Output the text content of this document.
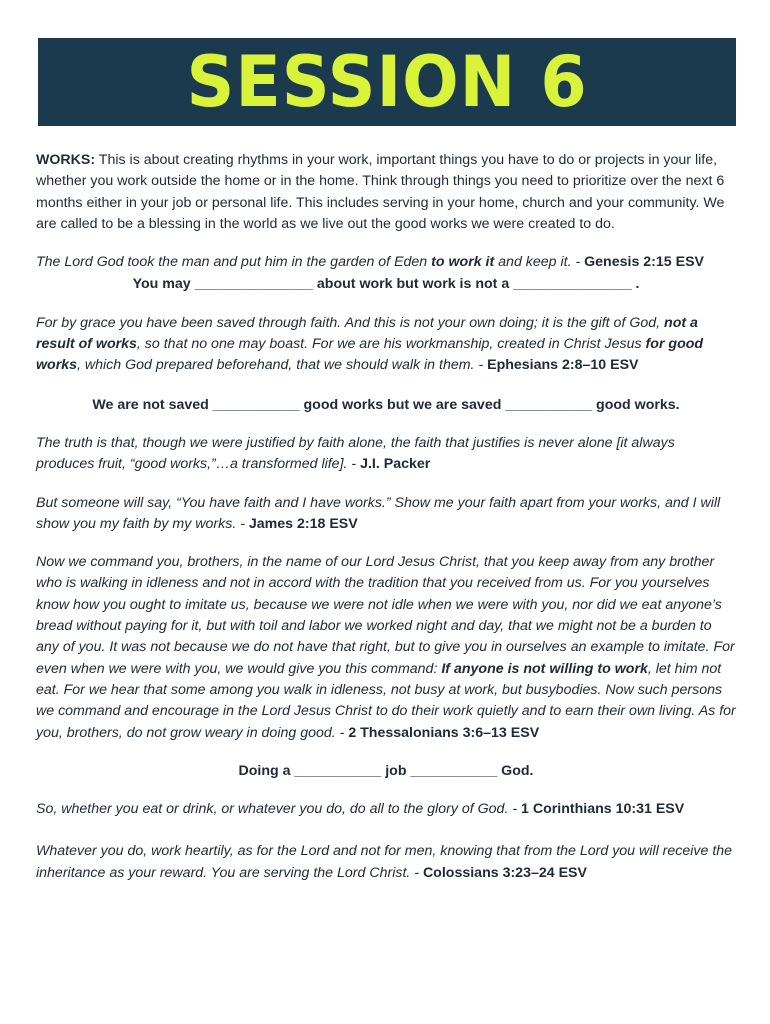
SESSION 6

WORKS: This is about creating rhythms in your work, important things you have to do or projects in your life, whether you work outside the home or in the home. Think through things you need to prioritize over the next 6 months either in your job or personal life. This includes serving in your home, church and your community. We are called to be a blessing in the world as we live out the good works we were created to do.

The Lord God took the man and put him in the garden of Eden to work it and keep it. - Genesis 2:15 ESV

You may _______________ about work but work is not a _______________ .

For by grace you have been saved through faith. And this is not your own doing; it is the gift of God, not a result of works, so that no one may boast. For we are his workmanship, created in Christ Jesus for good works, which God prepared beforehand, that we should walk in them. - Ephesians 2:8–10 ESV

We are not saved ___________ good works but we are saved ___________ good works.

The truth is that, though we were justified by faith alone, the faith that justifies is never alone [it always produces fruit, “good works,”…a transformed life]. - J.I. Packer

But someone will say, “You have faith and I have works.” Show me your faith apart from your works, and I will show you my faith by my works. - James 2:18 ESV

Now we command you, brothers, in the name of our Lord Jesus Christ, that you keep away from any brother who is walking in idleness and not in accord with the tradition that you received from us. For you yourselves know how you ought to imitate us, because we were not idle when we were with you, nor did we eat anyone’s bread without paying for it, but with toil and labor we worked night and day, that we might not be a burden to any of you. It was not because we do not have that right, but to give you in ourselves an example to imitate. For even when we were with you, we would give you this command: If anyone is not willing to work, let him not eat. For we hear that some among you walk in idleness, not busy at work, but busybodies. Now such persons we command and encourage in the Lord Jesus Christ to do their work quietly and to earn their own living. As for you, brothers, do not grow weary in doing good. - 2 Thessalonians 3:6–13 ESV

Doing a ___________ job ___________ God.

So, whether you eat or drink, or whatever you do, do all to the glory of God. - 1 Corinthians 10:31 ESV

Whatever you do, work heartily, as for the Lord and not for men, knowing that from the Lord you will receive the inheritance as your reward. You are serving the Lord Christ. - Colossians 3:23–24 ESV
